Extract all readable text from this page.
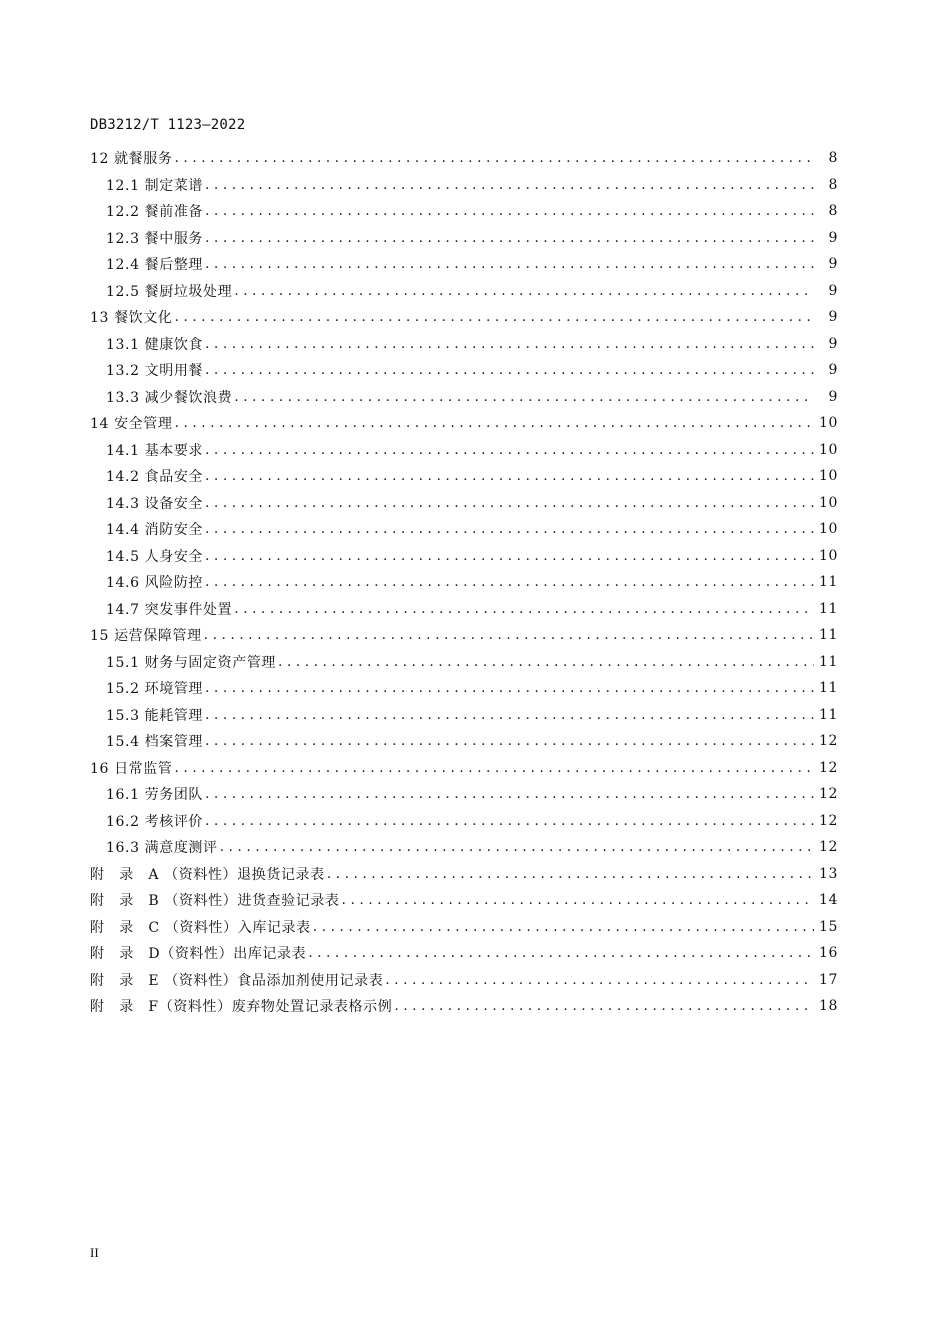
DB3212/T 1123—2022
12 就餐服务 . . .	8
12.1 制定菜谱 . . .	8
12.2 餐前准备 . . .	8
12.3 餐中服务 . . .	9
12.4 餐后整理 . . .	9
12.5 餐厨垃圾处理 . . .	9
13 餐饮文化 . . .	9
13.1 健康饮食 . . .	9
13.2 文明用餐 . . .	9
13.3 减少餐饮浪费 . . .	9
14 安全管理 . . .	10
14.1 基本要求 . . .	10
14.2 食品安全 . . .	10
14.3 设备安全 . . .	10
14.4 消防安全 . . .	10
14.5 人身安全 . . .	10
14.6 风险防控 . . .	11
14.7 突发事件处置 . . .	11
15 运营保障管理 . . .	11
15.1 财务与固定资产管理 . . .	11
15.2 环境管理 . . .	11
15.3 能耗管理 . . .	11
15.4 档案管理 . . .	12
16 日常监管 . . .	12
16.1 劳务团队 . . .	12
16.2 考核评价 . . .	12
16.3 满意度测评 . . .	12
附　录　A （资料性）退换货记录表 . . .	13
附　录　B （资料性）进货查验记录表 . . .	14
附　录　C （资料性）入库记录表 . . .	15
附　录　D（资料性）出库记录表 . . .	16
附　录　E （资料性）食品添加剂使用记录表 . . .	17
附　录　F（资料性）废弃物处置记录表格示例 . . .	18
II
